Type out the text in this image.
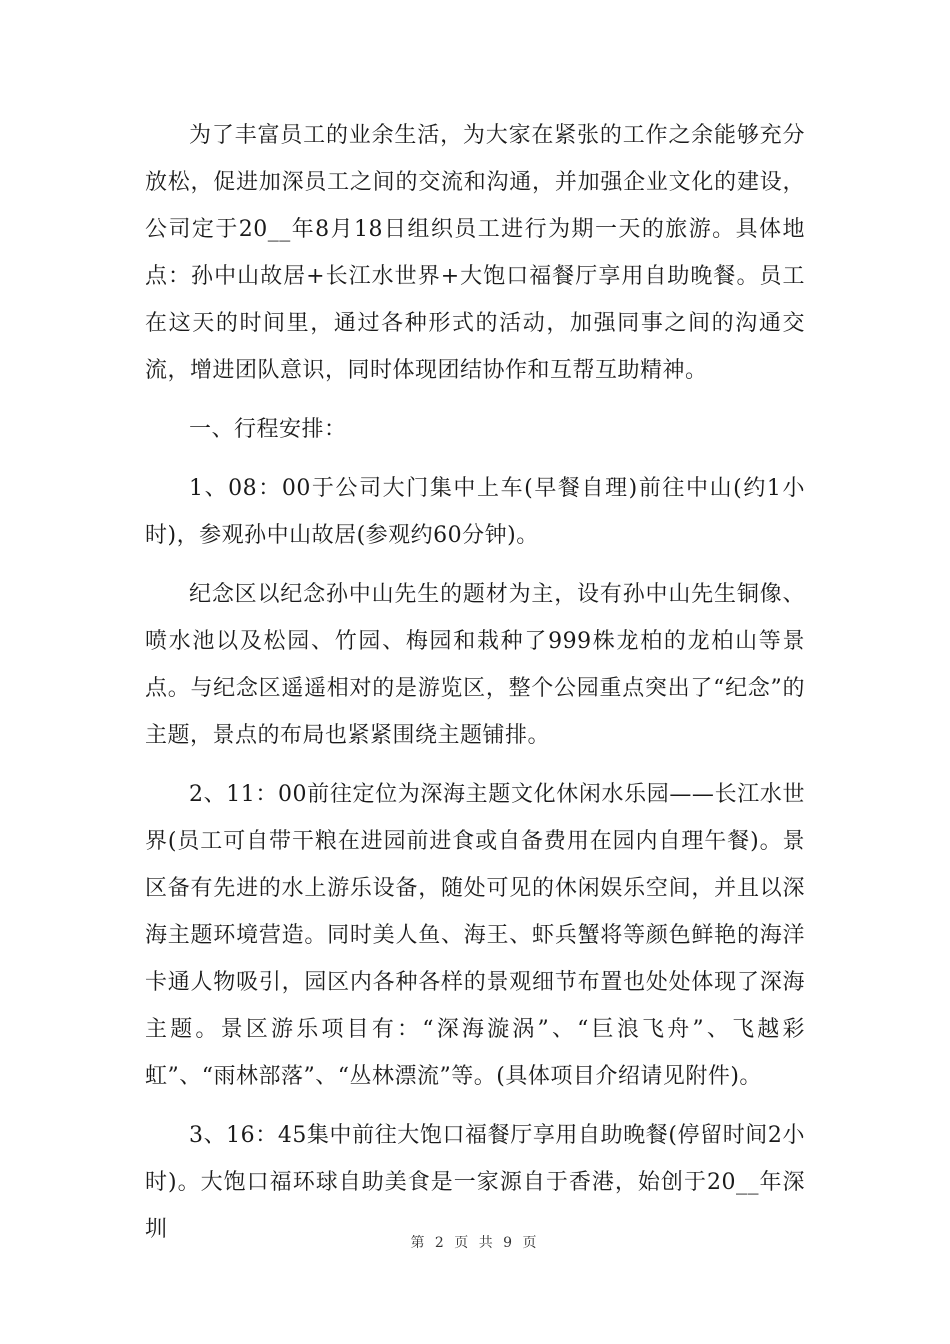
为了丰富员工的业余生活，为大家在紧张的工作之余能够充分放松，促进加深员工之间的交流和沟通，并加强企业文化的建设，公司定于20__年8月18日组织员工进行为期一天的旅游。具体地点：孙中山故居+长江水世界+大饱口福餐厅享用自助晚餐。员工在这天的时间里，通过各种形式的活动，加强同事之间的沟通交流，增进团队意识，同时体现团结协作和互帮互助精神。

一、行程安排：

1、08：00于公司大门集中上车(早餐自理)前往中山(约1小时)，参观孙中山故居(参观约60分钟)。

纪念区以纪念孙中山先生的题材为主，设有孙中山先生铜像、喷水池以及松园、竹园、梅园和栽种了999株龙柏的龙柏山等景点。与纪念区遥遥相对的是游览区，整个公园重点突出了“纪念”的主题，景点的布局也紧紧围绕主题铺排。

2、11：00前往定位为深海主题文化休闲水乐园——长江水世界(员工可自带干粮在进园前进食或自备费用在园内自理午餐)。景区备有先进的水上游乐设备，随处可见的休闲娱乐空间，并且以深海主题环境营造。同时美人鱼、海王、虾兵蟹将等颜色鲜艳的海洋卡通人物吸引，园区内各种各样的景观细节布置也处处体现了深海主题。景区游乐项目有：“深海漩涡”、“巨浪飞舟”、飞越彩虹”、“雨林部落”、“丛林漂流”等。(具体项目介绍请见附件)。

3、16：45集中前往大饱口福餐厅享用自助晚餐(停留时间2小时)。大饱口福环球自助美食是一家源自于香港，始创于20__年深圳

第 2 页 共 9 页
